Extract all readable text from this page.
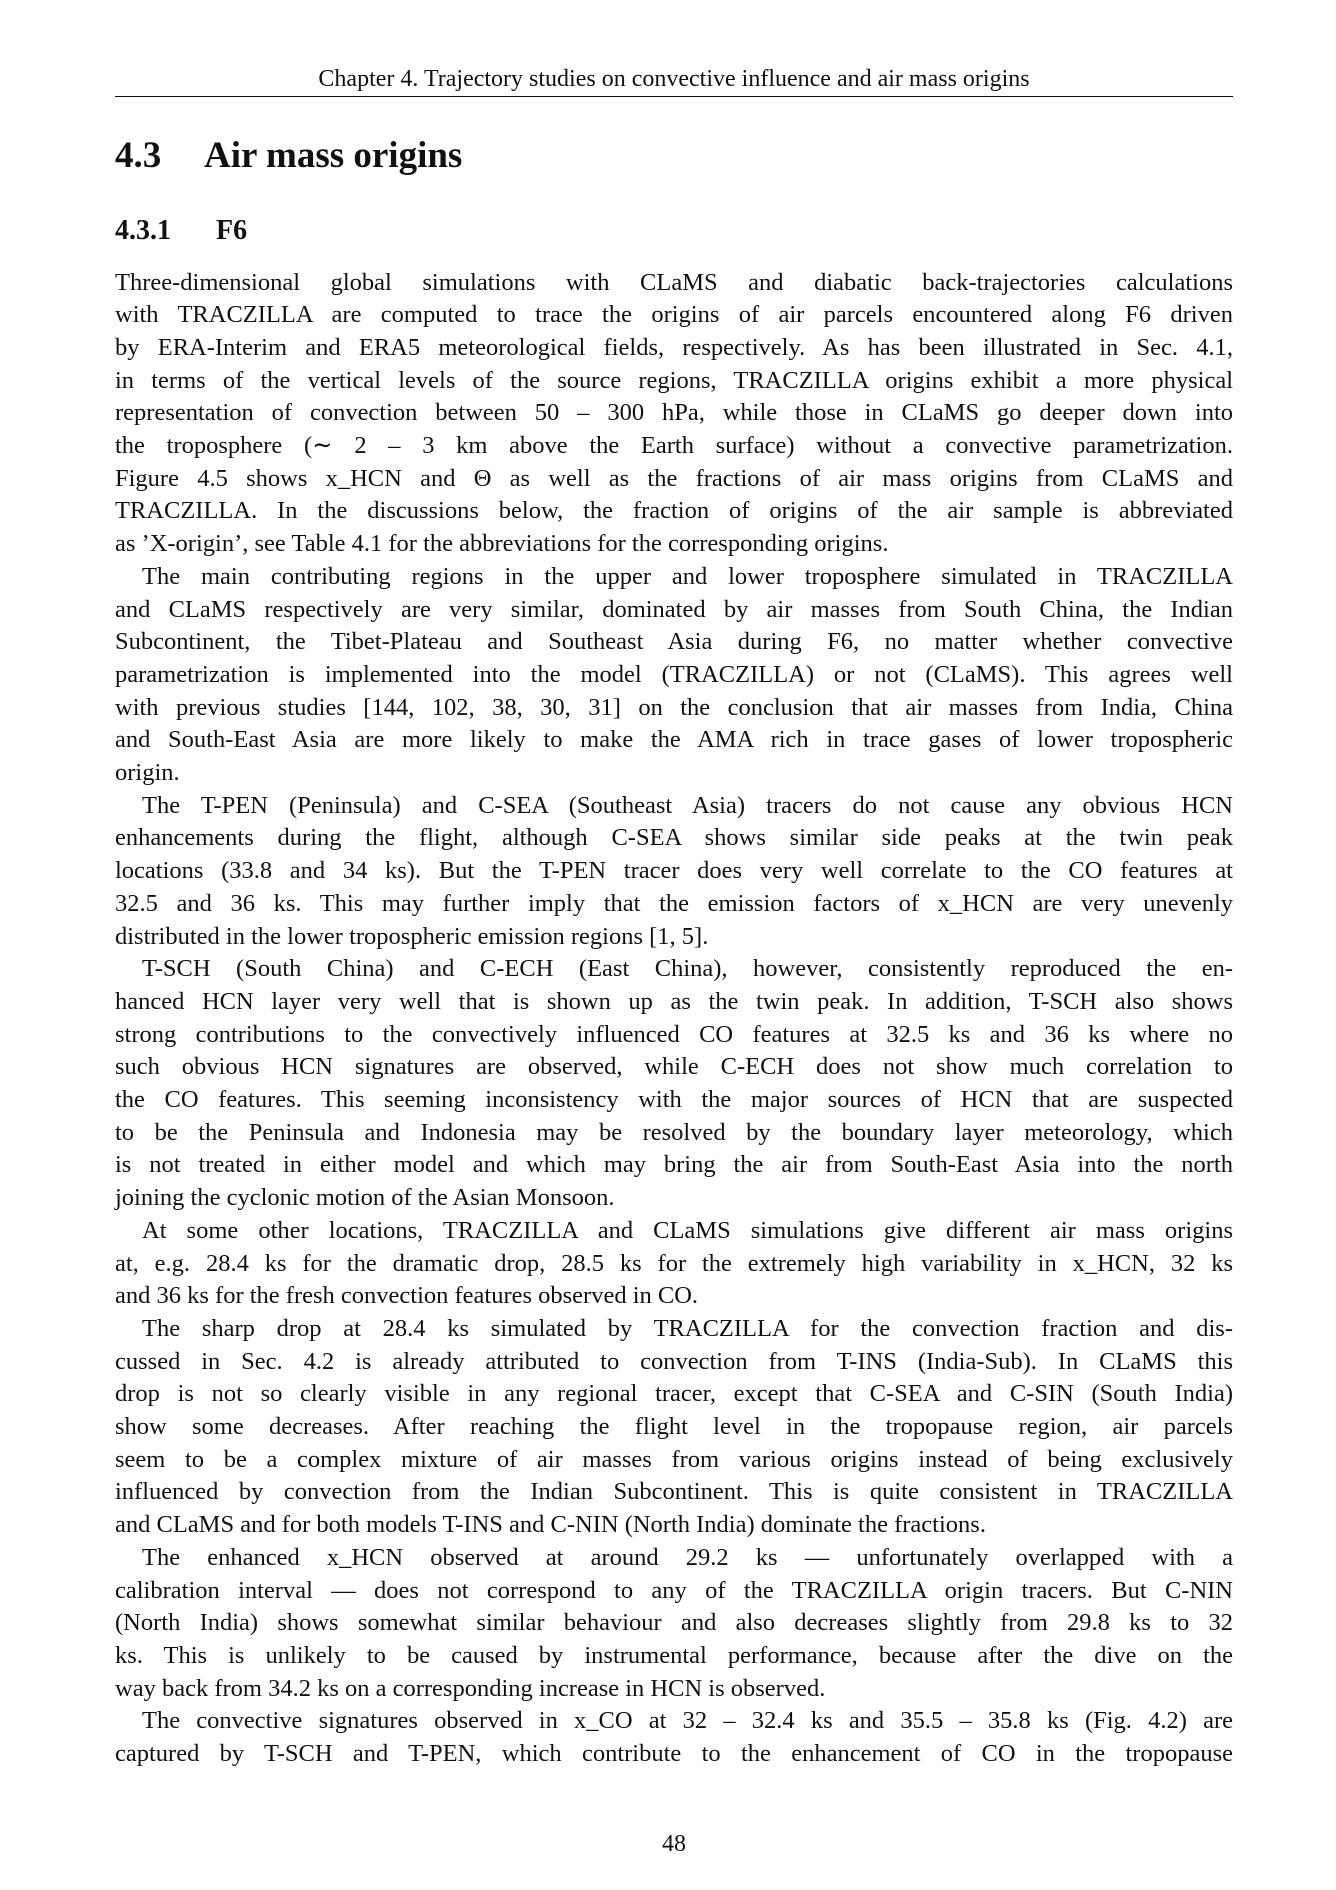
Chapter 4. Trajectory studies on convective influence and air mass origins
4.3 Air mass origins
4.3.1 F6
Three-dimensional global simulations with CLaMS and diabatic back-trajectories calculations
with TRACZILLA are computed to trace the origins of air parcels encountered along F6 driven
by ERA-Interim and ERA5 meteorological fields, respectively. As has been illustrated in Sec. 4.1,
in terms of the vertical levels of the source regions, TRACZILLA origins exhibit a more physical
representation of convection between 50 – 300 hPa, while those in CLaMS go deeper down into
the troposphere (∼ 2 – 3 km above the Earth surface) without a convective parametrization.
Figure 4.5 shows x_HCN and Θ as well as the fractions of air mass origins from CLaMS and
TRACZILLA. In the discussions below, the fraction of origins of the air sample is abbreviated
as ’X-origin’, see Table 4.1 for the abbreviations for the corresponding origins.
The main contributing regions in the upper and lower troposphere simulated in TRACZILLA
and CLaMS respectively are very similar, dominated by air masses from South China, the Indian
Subcontinent, the Tibet-Plateau and Southeast Asia during F6, no matter whether convective
parametrization is implemented into the model (TRACZILLA) or not (CLaMS). This agrees well
with previous studies [144, 102, 38, 30, 31] on the conclusion that air masses from India, China
and South-East Asia are more likely to make the AMA rich in trace gases of lower tropospheric
origin.
The T-PEN (Peninsula) and C-SEA (Southeast Asia) tracers do not cause any obvious HCN
enhancements during the flight, although C-SEA shows similar side peaks at the twin peak
locations (33.8 and 34 ks). But the T-PEN tracer does very well correlate to the CO features at
32.5 and 36 ks. This may further imply that the emission factors of x_HCN are very unevenly
distributed in the lower tropospheric emission regions [1, 5].
T-SCH (South China) and C-ECH (East China), however, consistently reproduced the en-
hanced HCN layer very well that is shown up as the twin peak. In addition, T-SCH also shows
strong contributions to the convectively influenced CO features at 32.5 ks and 36 ks where no
such obvious HCN signatures are observed, while C-ECH does not show much correlation to
the CO features. This seeming inconsistency with the major sources of HCN that are suspected
to be the Peninsula and Indonesia may be resolved by the boundary layer meteorology, which
is not treated in either model and which may bring the air from South-East Asia into the north
joining the cyclonic motion of the Asian Monsoon.
At some other locations, TRACZILLA and CLaMS simulations give different air mass origins
at, e.g. 28.4 ks for the dramatic drop, 28.5 ks for the extremely high variability in x_HCN, 32 ks
and 36 ks for the fresh convection features observed in CO.
The sharp drop at 28.4 ks simulated by TRACZILLA for the convection fraction and dis-
cussed in Sec. 4.2 is already attributed to convection from T-INS (India-Sub). In CLaMS this
drop is not so clearly visible in any regional tracer, except that C-SEA and C-SIN (South India)
show some decreases. After reaching the flight level in the tropopause region, air parcels
seem to be a complex mixture of air masses from various origins instead of being exclusively
influenced by convection from the Indian Subcontinent. This is quite consistent in TRACZILLA
and CLaMS and for both models T-INS and C-NIN (North India) dominate the fractions.
The enhanced x_HCN observed at around 29.2 ks — unfortunately overlapped with a
calibration interval — does not correspond to any of the TRACZILLA origin tracers. But C-NIN
(North India) shows somewhat similar behaviour and also decreases slightly from 29.8 ks to 32
ks. This is unlikely to be caused by instrumental performance, because after the dive on the
way back from 34.2 ks on a corresponding increase in HCN is observed.
The convective signatures observed in x_CO at 32 – 32.4 ks and 35.5 – 35.8 ks (Fig. 4.2) are
captured by T-SCH and T-PEN, which contribute to the enhancement of CO in the tropopause
48
